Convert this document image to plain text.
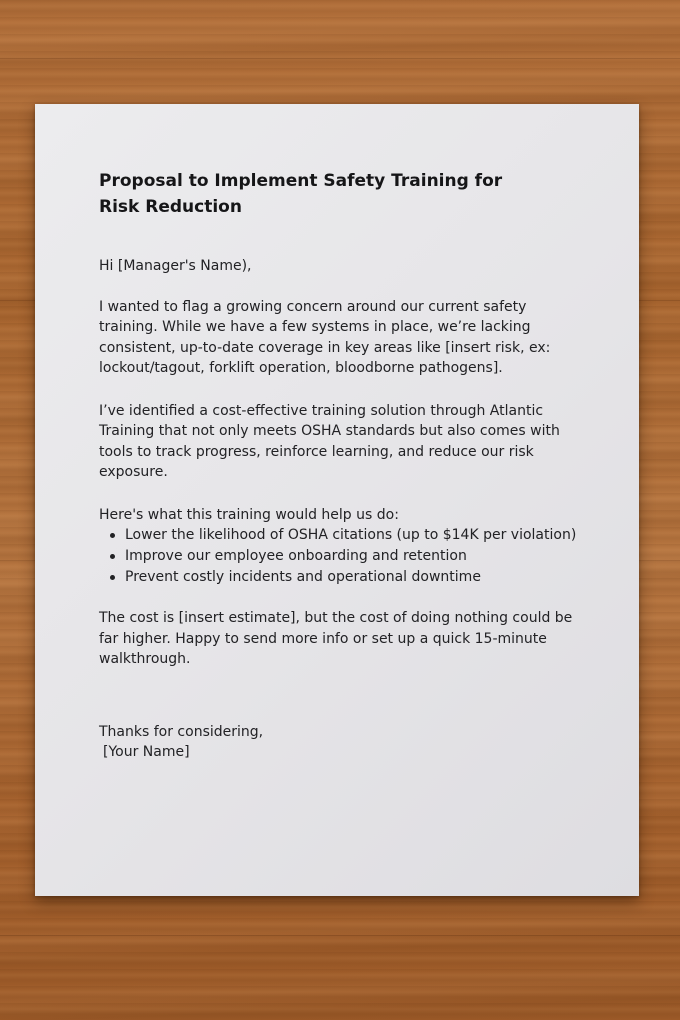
Proposal to Implement Safety Training for Risk Reduction

Hi [Manager's Name),

I wanted to flag a growing concern around our current safety training. While we have a few systems in place, we’re lacking consistent, up-to-date coverage in key areas like [insert risk, ex: lockout/tagout, forklift operation, bloodborne pathogens].

I’ve identified a cost-effective training solution through Atlantic Training that not only meets OSHA standards but also comes with tools to track progress, reinforce learning, and reduce our risk exposure.

Here's what this training would help us do:

Lower the likelihood of OSHA citations (up to $14K per violation)
Improve our employee onboarding and retention
Prevent costly incidents and operational downtime

The cost is [insert estimate], but the cost of doing nothing could be far higher. Happy to send more info or set up a quick 15-minute walkthrough.

Thanks for considering,
[Your Name]
